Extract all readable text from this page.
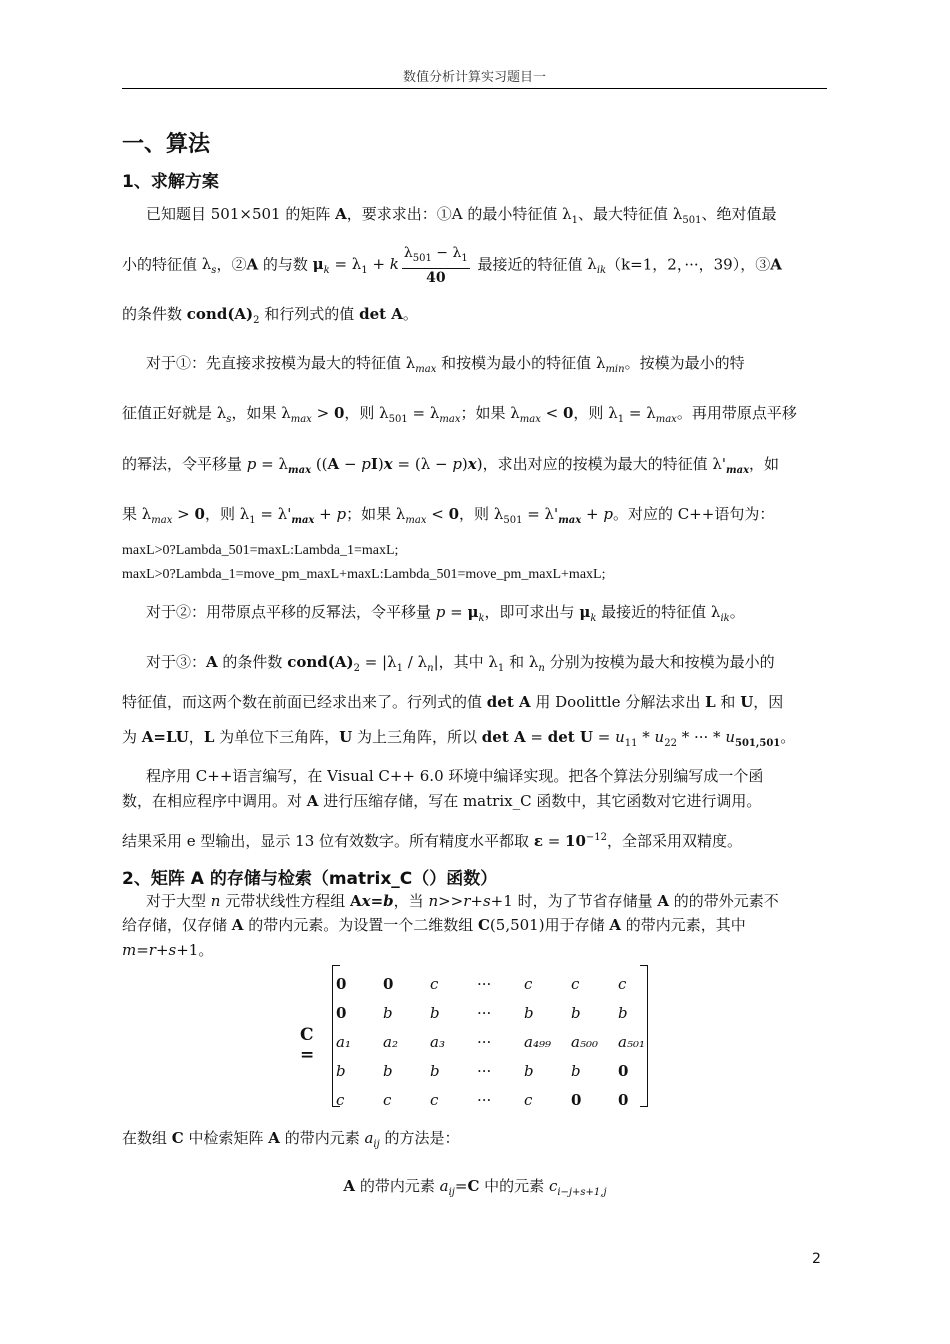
数值分析计算实习题目一
一、算法
1、求解方案
已知题目 501×501 的矩阵 A，要求求出：①A 的最小特征值 $\lambda_1$、最大特征值 $\lambda_{501}$、绝对值最
小的特征值 $\lambda_s$，②A 的与数 $\mu_k = \lambda_1 + k \frac{\lambda_{501} - \lambda_1}{40}$ 最接近的特征值 $\lambda_{ik}(k=1$，2，···，39），③A
的条件数 $cond(A)_2$ 和行列式的值 det A。
对于①：先直接求按模为最大的特征值 $\lambda_{max}$ 和按模为最小的特征值 $\lambda_{min}$。按模为最小的特
征值正好就是 $\lambda_s$，如果 $\lambda_{max} > 0$，则 $\lambda_{501} = \lambda_{max}$；如果 $\lambda_{max} < 0$，则 $\lambda_1 = \lambda_{max}$。再用带原点平移
的幂法，令平移量 $p = \lambda_{max}$ ((A − pI)x = (λ − p)x)，求出对应的按模为最大的特征值 $\lambda'_{max}$，如
果 $\lambda_{max} > 0$，则 $\lambda_1 = \lambda'_{max} + p$；如果 $\lambda_{max} < 0$，则 $\lambda_{501} = \lambda'_{max} + p$。对应的 C++语句为：
maxL>0?Lambda_501=maxL:Lambda_1=maxL;
maxL>0?Lambda_1=move_pm_maxL+maxL:Lambda_501=move_pm_maxL+maxL;
对于②：用带原点平移的反幂法，令平移量 $p = \mu_k$，即可求出与 $\mu_k$ 最接近的特征值 $\lambda_{ik}$。
对于③：A 的条件数 $cond(A)_2 = |\lambda_1 / \lambda_n|$，其中 $\lambda_1$ 和 $\lambda_n$ 分别为按模为最大和按模为最小的
特征值，而这两个数在前面已经求出来了。行列式的值 det A 用 Doolittle 分解法求出 L 和 U，因
为 A=LU，L 为单位下三角阵，U 为上三角阵，所以 $\det A = \det U = u_{11} * u_{22}$ * ··· * $u_{501,501}$。
程序用 C++语言编写，在 Visual C++ 6.0 环境中编译实现。把各个算法分别编写成一个函
数，在相应程序中调用。对 A 进行压缩存储，写在 matrix_C 函数中，其它函数对它进行调用。
结果采用 e 型输出，显示 13 位有效数字。所有精度水平都取 $\varepsilon = 10^{-12}$，全部采用双精度。
2、矩阵 A 的存储与检索（matrix_C（）函数）
对于大型 n 元带状线性方程组 Ax=b，当 n>>r+s+1 时，为了节省存储量 A 的的带外元素不
给存储，仅存储 A 的带内元素。为设置一个二维数组 C(5,501)用于存储 A 的带内元素，其中
m=r+s+1。
C =
0	0	c	···	c	c	c
0	b	b	···	b	b	b
a₁	a₂	a₃	···	a₄₉₉	a₅₀₀	a₅₀₁
b	b	b	···	b	b	0
c	c	c	···	c	0	0
在数组 C 中检索矩阵 A 的带内元素 $a_{ij}$ 的方法是：
A 的带内元素 $a_{ij}=C$ 中的元素 $c_{i-j+s+1,j}$
2
